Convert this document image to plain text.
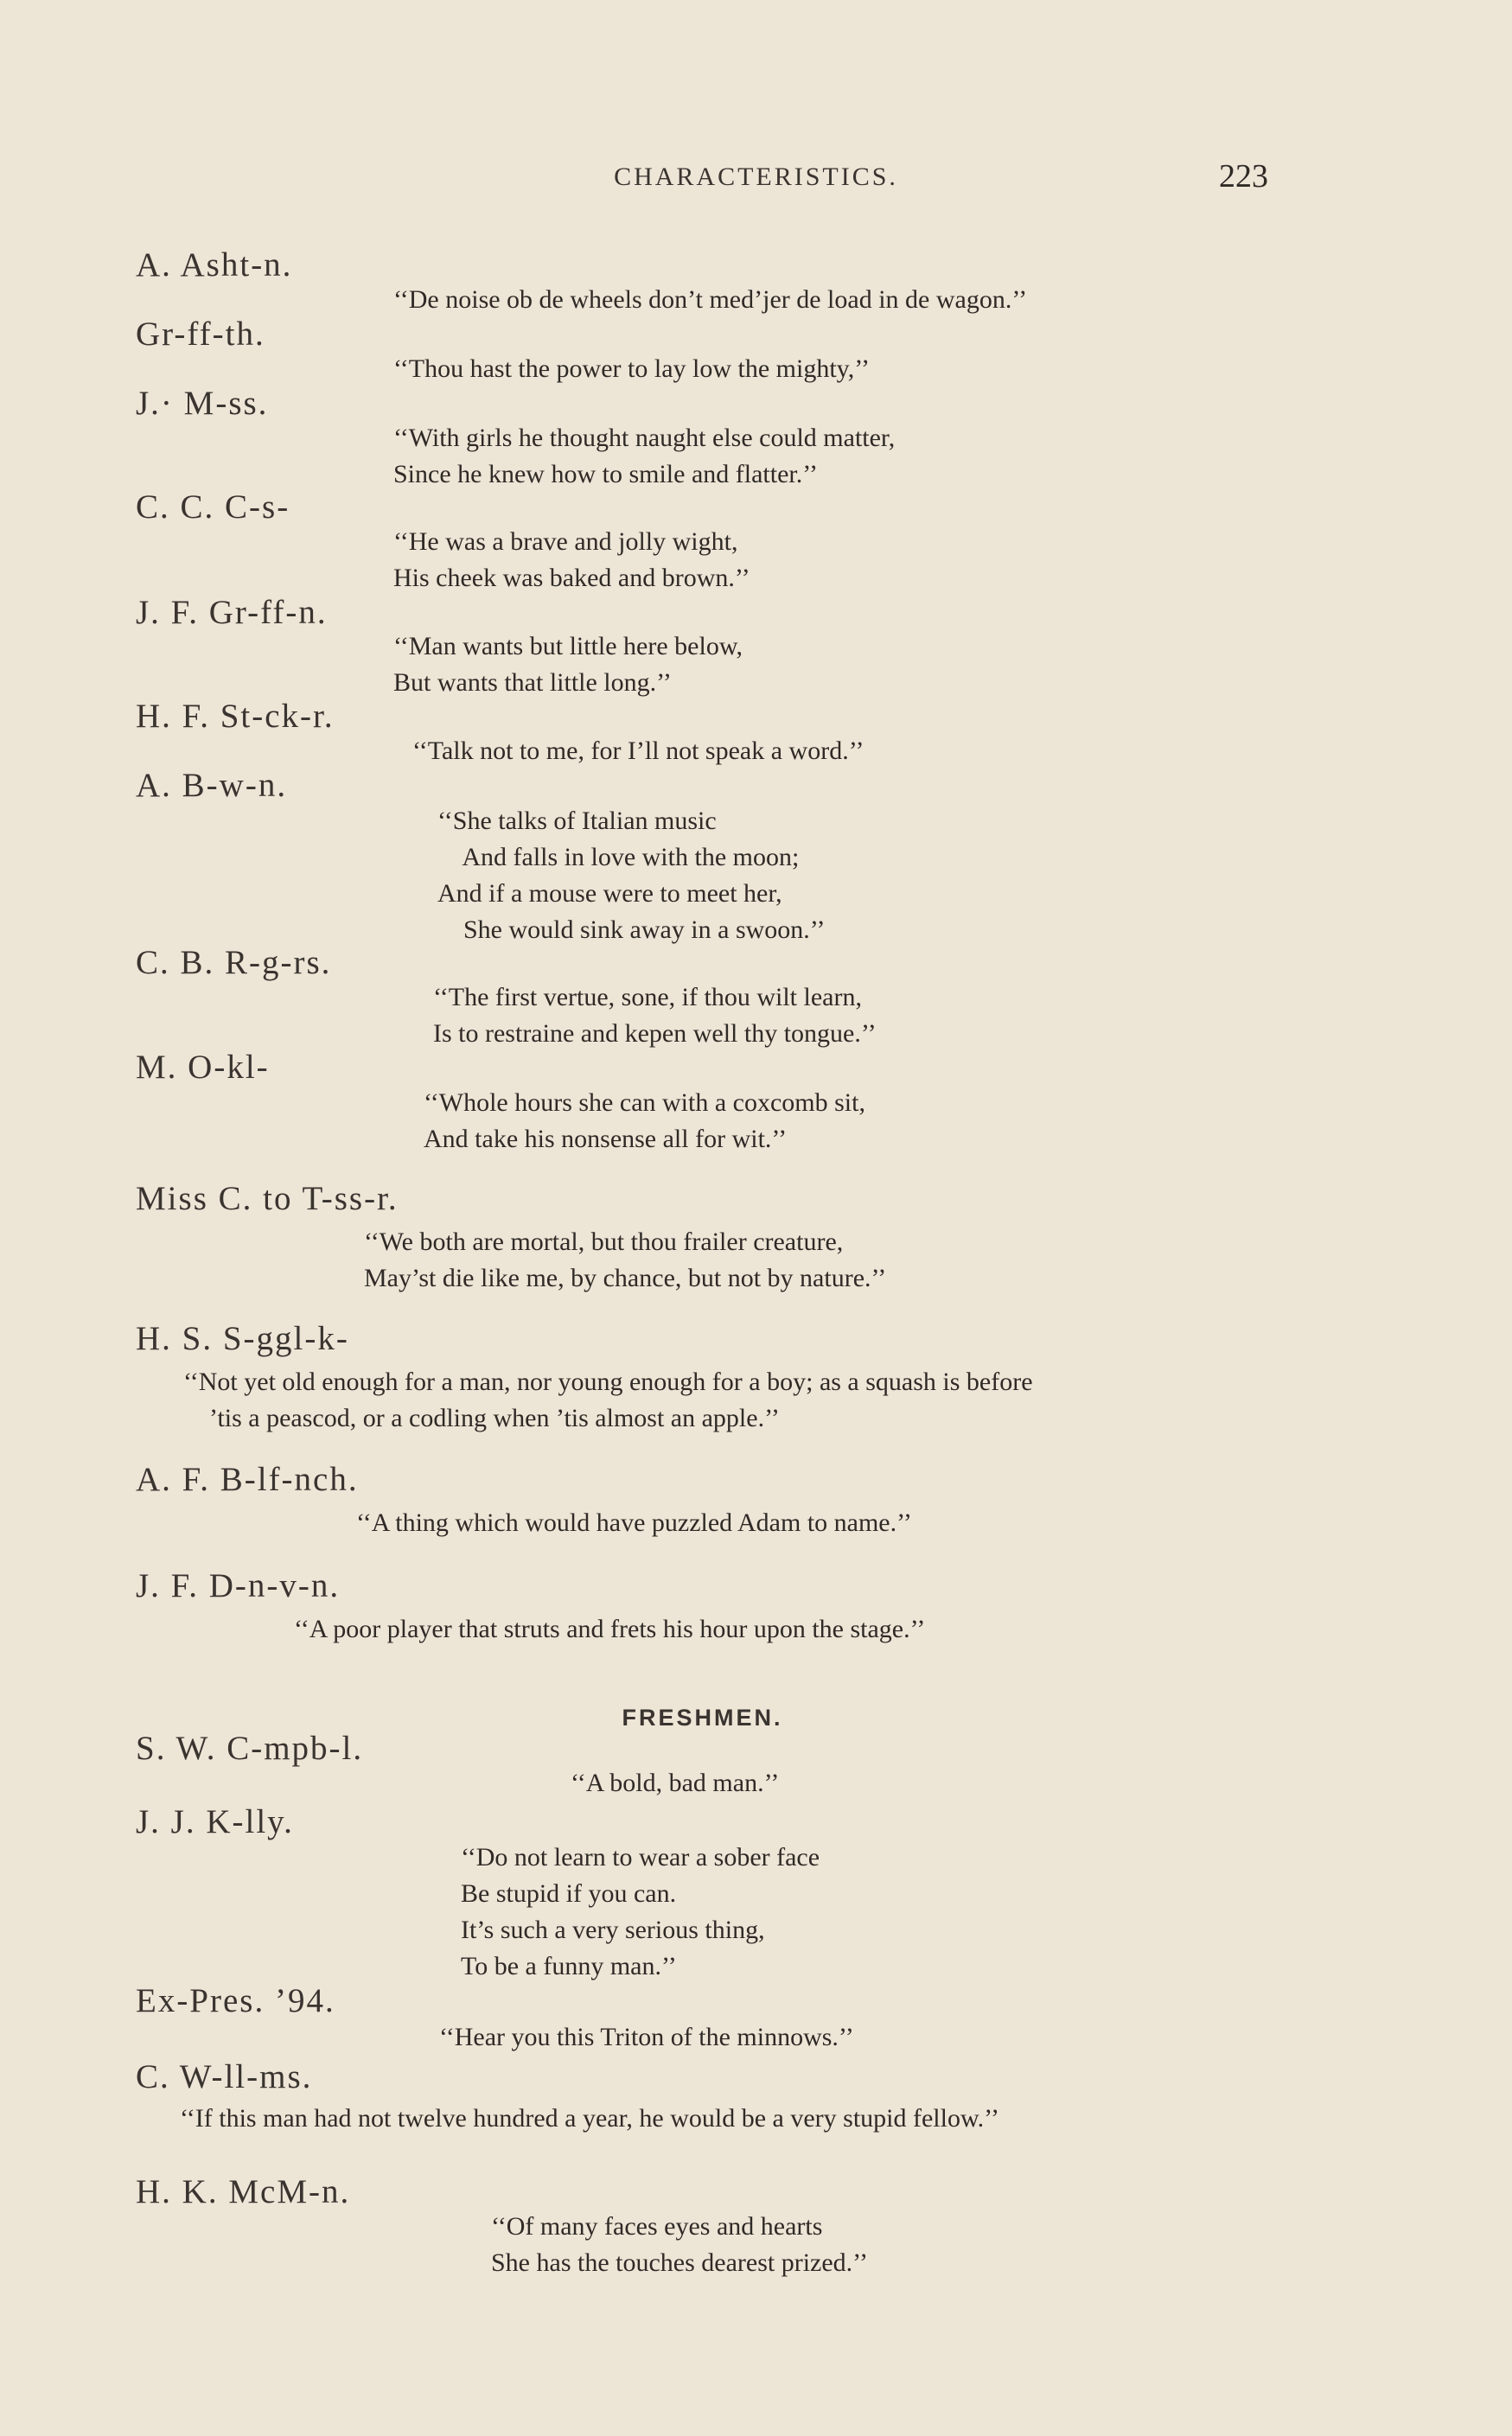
CHARACTERISTICS.	223
A. Asht-n.
‘‘De noise ob de wheels don’t med’jer de load in de wagon.’’
Gr-ff-th.
‘‘Thou hast the power to lay low the mighty,’’
J.· M-ss.
‘‘With girls he thought naught else could matter,
Since he knew how to smile and flatter.’’
C. C. C-s-
‘‘He was a brave and jolly wight,
His cheek was baked and brown.’’
J. F. Gr-ff-n.
‘‘Man wants but little here below,
But wants that little long.’’
H. F. St-ck-r.
‘‘Talk not to me, for I’ll not speak a word.’’
A. B-w-n.
‘‘She talks of Italian music
And falls in love with the moon;
And if a mouse were to meet her,
She would sink away in a swoon.’’
C. B. R-g-rs.
‘‘The first vertue, sone, if thou wilt learn,
Is to restraine and kepen well thy tongue.’’
M. O-kl-
‘‘Whole hours she can with a coxcomb sit,
And take his nonsense all for wit.’’
Miss C. to T-ss-r.
‘‘We both are mortal, but thou frailer creature,
May’st die like me, by chance, but not by nature.’’
H. S. S-ggl-k-
‘‘Not yet old enough for a man, nor young enough for a boy; as a squash is before
’tis a peascod, or a codling when ’tis almost an apple.’’
A. F. B-lf-nch.
‘‘A thing which would have puzzled Adam to name.’’
J. F. D-n-v-n.
‘‘A poor player that struts and frets his hour upon the stage.’’
FRESHMEN.
S. W. C-mpb-l.
‘‘A bold, bad man.’’
J. J. K-lly.
‘‘Do not learn to wear a sober face
Be stupid if you can.
It’s such a very serious thing,
To be a funny man.’’
Ex-Pres. ’94.
‘‘Hear you this Triton of the minnows.’’
C. W-ll-ms.
‘‘If this man had not twelve hundred a year, he would be a very stupid fellow.’’
H. K. McM-n.
‘‘Of many faces eyes and hearts
She has the touches dearest prized.’’
